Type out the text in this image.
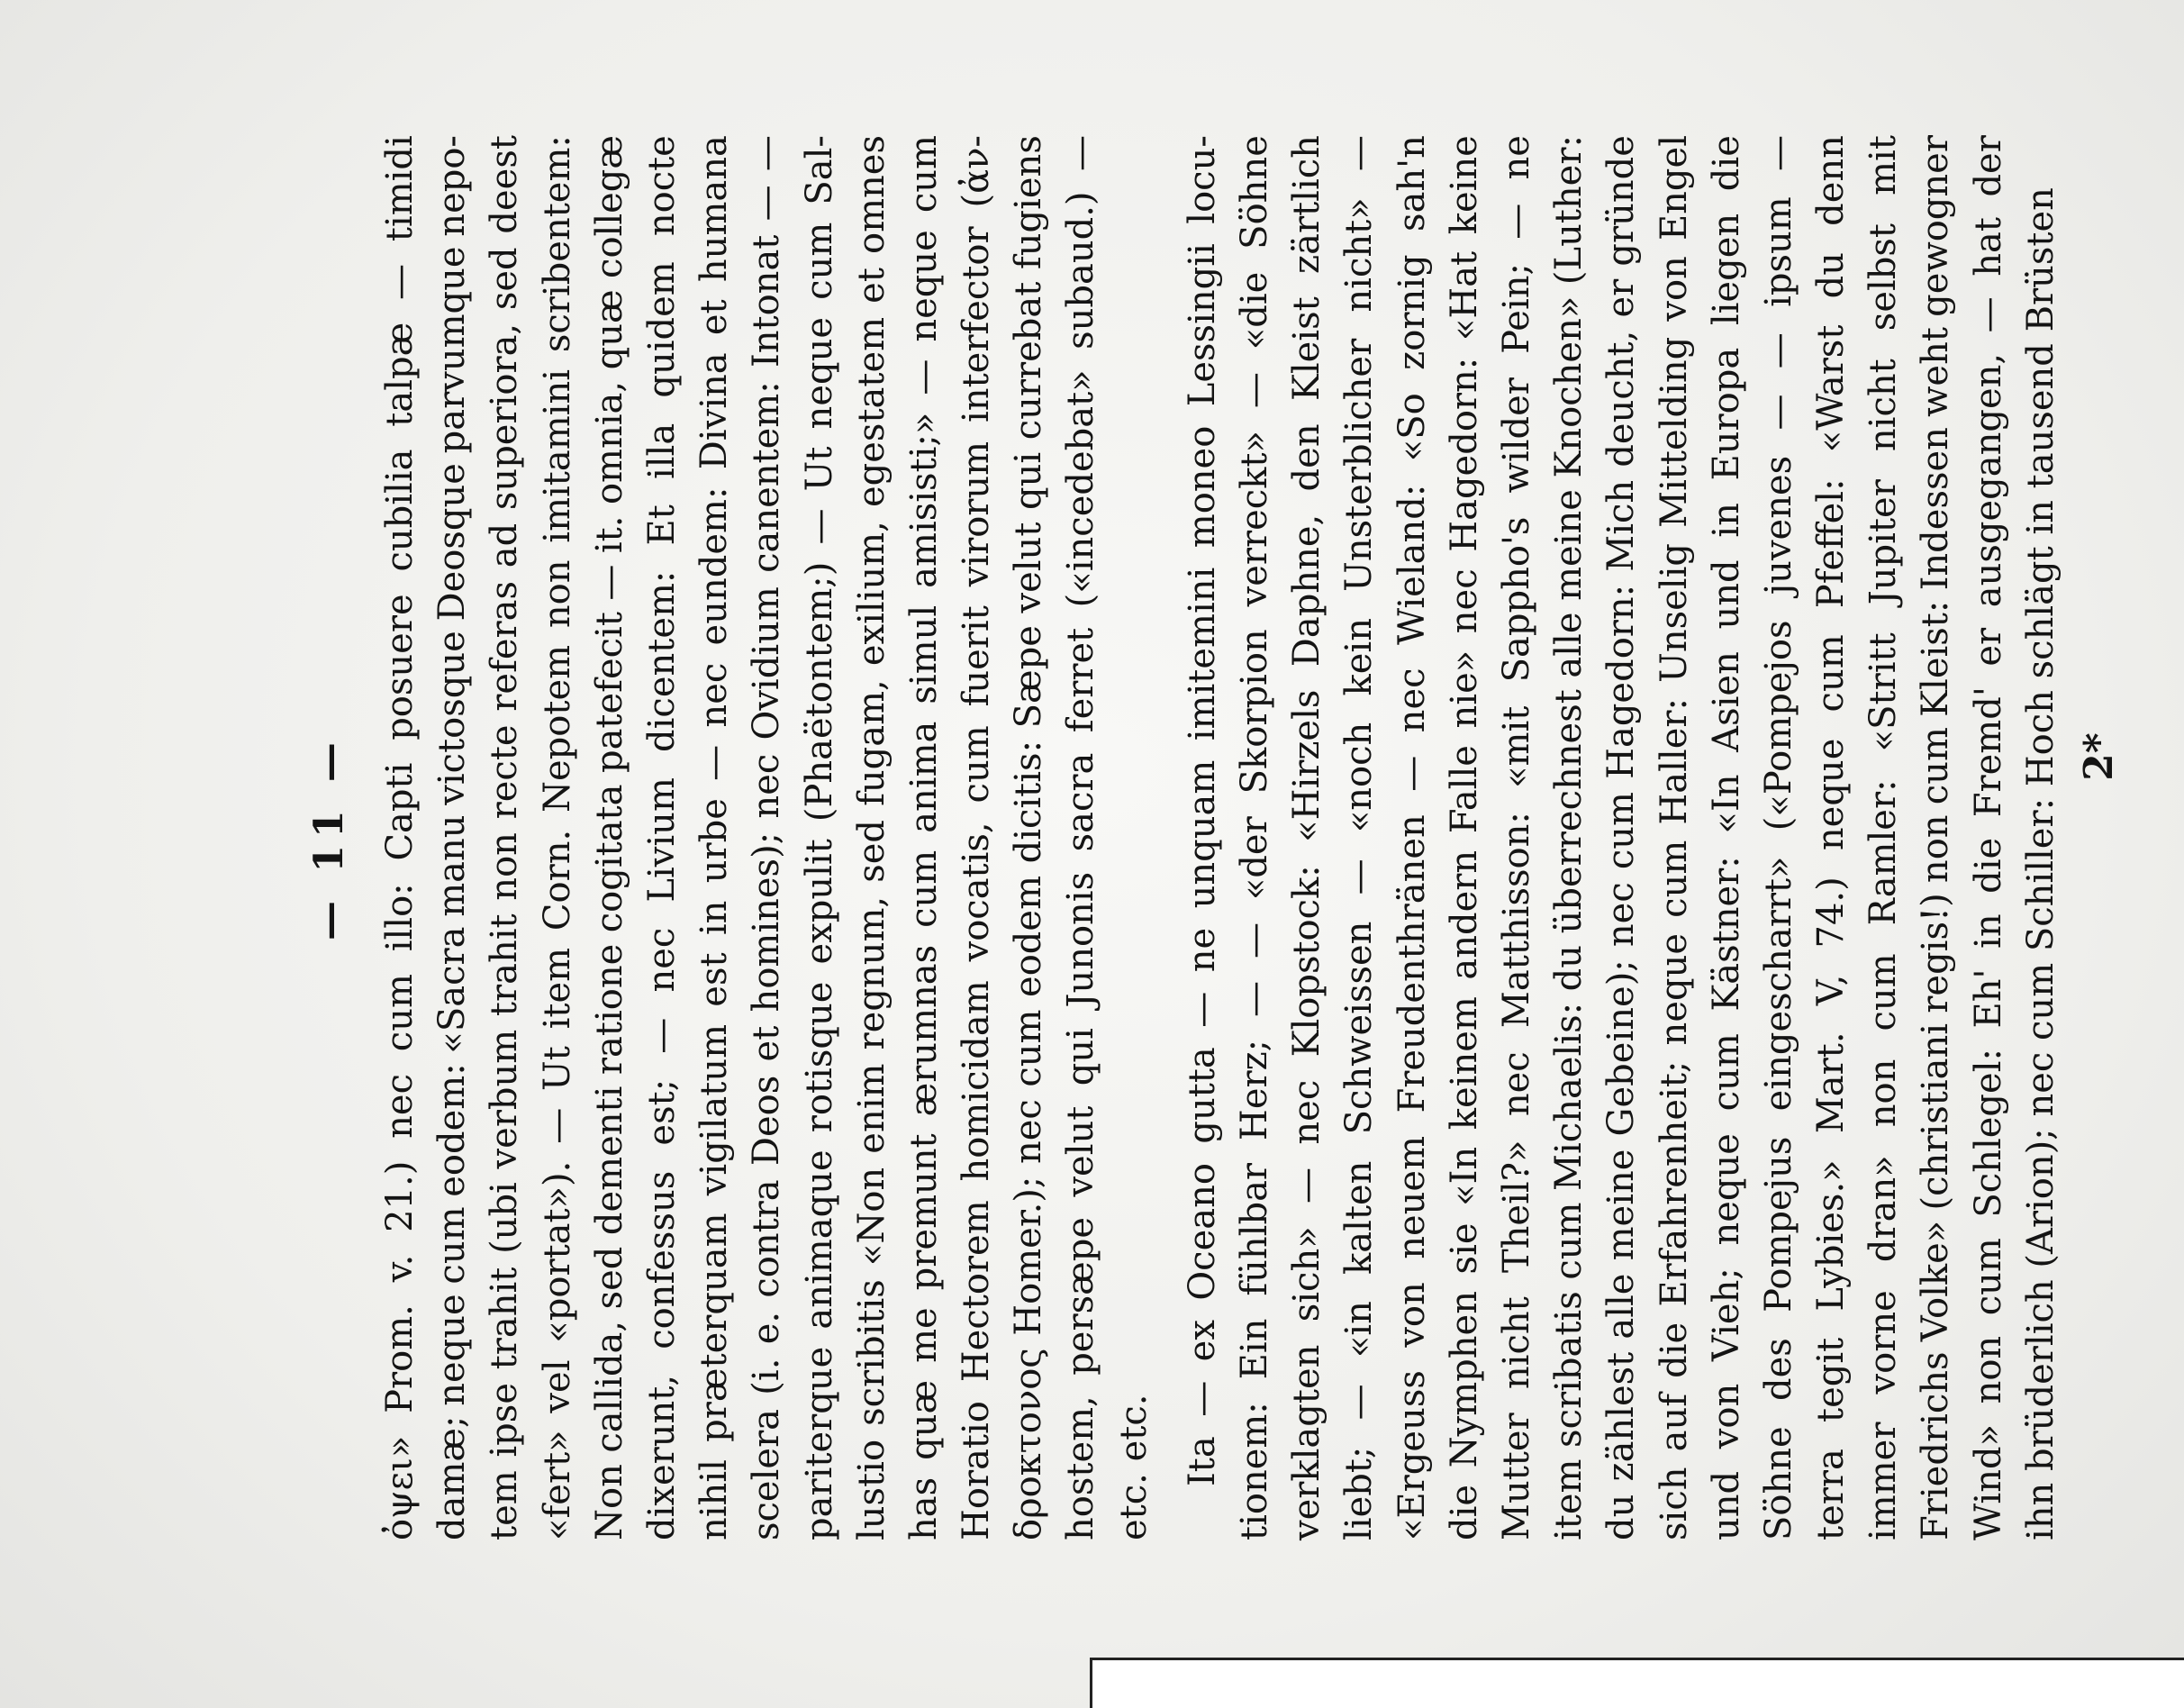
— 11 —
ὀψει»
Prom.
v.
21.)
nec
cum
illo:
Capti
posuere
cubilia
talpæ
—
timidi
damæ;
neque
cum
eodem:
«Sacra
manu
victosque
Deosque
parvumque
nepo-
tem
ipse
trahit
(ubi
verbum
trahit
non
recte
referas
ad
superiora,
sed
deest
«fert»
vel
«portat»).
—
Ut
item
Corn.
Nepotem
non
imitamini
scribentem:
Non
callida,
sed
dementi
ratione
cogitata
patefecit
—
it.
omnia,
quæ
collegæ
dixerunt,
confessus
est;
—
nec
Livium
dicentem:
Et
illa
quidem
nocte
nihil
præterquam
vigilatum
est
in
urbe
—
nec
eundem:
Divina
et
humana
scelera
(i.
e.
contra
Deos
et
homines);
nec
Ovidium
canentem:
Intonat
—
—
pariterque
animaque
rotisque
expulit
(Phaëtontem;)
—
Ut
neque
cum
Sal-
lustio
scribitis
«Non
enim
regnum,
sed
fugam,
exilium,
egestatem
et
omnes
has
quæ
me
premunt
ærumnas
cum
anima
simul
amisisti;»
—
neque
cum
Horatio
Hectorem
homicidam
vocatis,
cum
fuerit
virorum
interfector
(ἀν-
δροκτονος
Homer.);
nec
cum
eodem
dicitis:
Sæpe
velut
qui
currebat
fugiens
hostem,
persæpe
velut
qui
Junonis
sacra
ferret
(«incedebat»
subaud.)
—
etc.

etc.
Ita
—
ex
Oceano
gutta
—
ne
unquam
imitemini
moneo
Lessingii
locu-
tionem:
Ein
fühlbar
Herz;
—
—
«der
Skorpion
verreckt»
—
«die
Söhne
verklagten
sich»
—
nec
Klopstock:
«Hirzels
Daphne,
den
Kleist
zärtlich
liebt;
—
«in
kalten
Schweissen
—
«noch
kein
Unsterblicher
nicht»
—
«Ergeuss
von
neuem
Freudenthränen
—
nec
Wieland:
«So
zornig
sah'n
die
Nymphen
sie
«In
keinem
andern
Falle
nie»
nec
Hagedorn:
«Hat
keine
Mutter
nicht
Theil?»
nec
Matthisson:
«mit
Sappho's
wilder
Pein;
—
ne
item
scribatis
cum
Michaelis:
du
überrechnest
alle
meine
Knochen»
(Luther:
du
zählest
alle
meine
Gebeine);
nec
cum
Hagedorn:
Mich
deucht,
er
gründe
sich
auf
die
Erfahrenheit;
neque
cum
Haller:
Unselig
Mittelding
von
Engel
und
von
Vieh;
neque
cum
Kästner:
«In
Asien
und
in
Europa
liegen
die
Söhne
des
Pompejus
eingescharrt»
(«Pompejos
juvenes
—
—
ipsum
—
terra
tegit
Lybies.»
Mart.
V,
74.)
neque
cum
Pfeffel:
«Warst
du
denn
immer
vorne
dran»
non
cum
Ramler:
«Stritt
Jupiter
nicht
selbst
mit
Friedrichs
Volke»
(christiani
regis!)
non
cum
Kleist:
Indessen
weht
gewogner
Wind»
non
cum
Schlegel:
Eh'
in
die
Fremd'
er
ausgegangen,
—
hat
der
ihn

brüderlich

(Arion);

nec

cum

Schiller:

Hoch

schlägt

in

tausend

Brüsten

2*
